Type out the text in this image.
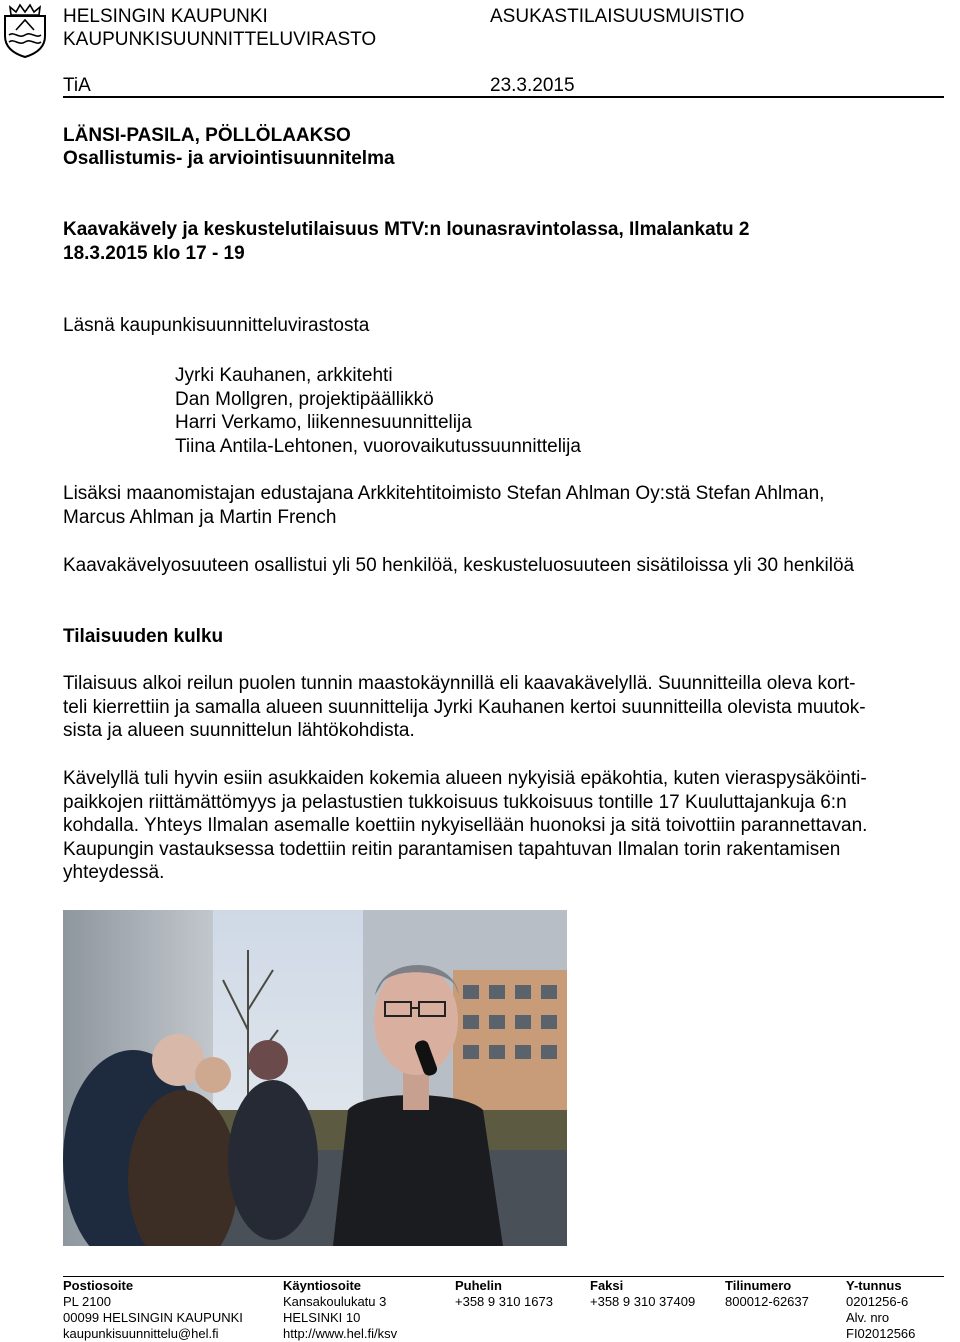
HELSINGIN KAUPUNKI
KAUPUNKISUUNNITTELUVIRASTO
ASUKASTILAISUUSMUISTIO
TiA	23.3.2015
LÄNSI-PASILA, PÖLLÖLAAKSO
Osallistumis- ja arviointisuunnitelma
Kaavakävely ja keskustelutilaisuus MTV:n lounasravintolassa, Ilmalankatu 2
18.3.2015 klo 17 - 19
Läsnä kaupunkisuunnitteluvirastosta
Jyrki Kauhanen, arkkitehti
Dan Mollgren, projektipäällikkö
Harri Verkamo, liikennesuunnittelija
Tiina Antila-Lehtonen, vuorovaikutussuunnittelija
Lisäksi maanomistajan edustajana Arkkitehtitoimisto Stefan Ahlman Oy:stä Stefan Ahlman,
Marcus Ahlman ja Martin French
Kaavakävelyosuuteen osallistui yli 50 henkilöä, keskusteluosuuteen sisätiloissa yli 30 henkilöä
Tilaisuuden kulku
Tilaisuus alkoi reilun puolen tunnin maastokäynnillä eli kaavakävelyllä. Suunnitteilla oleva kort-
teli kierrettiin ja samalla alueen suunnittelija Jyrki Kauhanen kertoi suunnitteilla olevista muutok-
sista ja alueen suunnittelun lähtökohdista.
Kävelyllä tuli hyvin esiin asukkaiden kokemia alueen nykyisiä epäkohtia, kuten vieraspysäköinti-
paikkojen riittämättömyys ja pelastustien tukkoisuus tukkoisuus tontille 17 Kuuluttajankuja 6:n
kohdalla. Yhteys Ilmalan asemalle koettiin nykyisellään huonoksi ja sitä toivottiin parannettavan.
Kaupungin vastauksessa todettiin reitin parantamisen tapahtuvan Ilmalan torin rakentamisen
yhteydessä.
Postiosoite
PL 2100
00099 HELSINGIN KAUPUNKI
kaupunkisuunnittelu@hel.fi
Käyntiosoite
Kansakoulukatu 3
HELSINKI 10
http://www.hel.fi/ksv
Puhelin
+358 9 310 1673
Faksi
+358 9 310 37409
Tilinumero
800012-62637
Y-tunnus
0201256-6
Alv. nro
FI02012566
